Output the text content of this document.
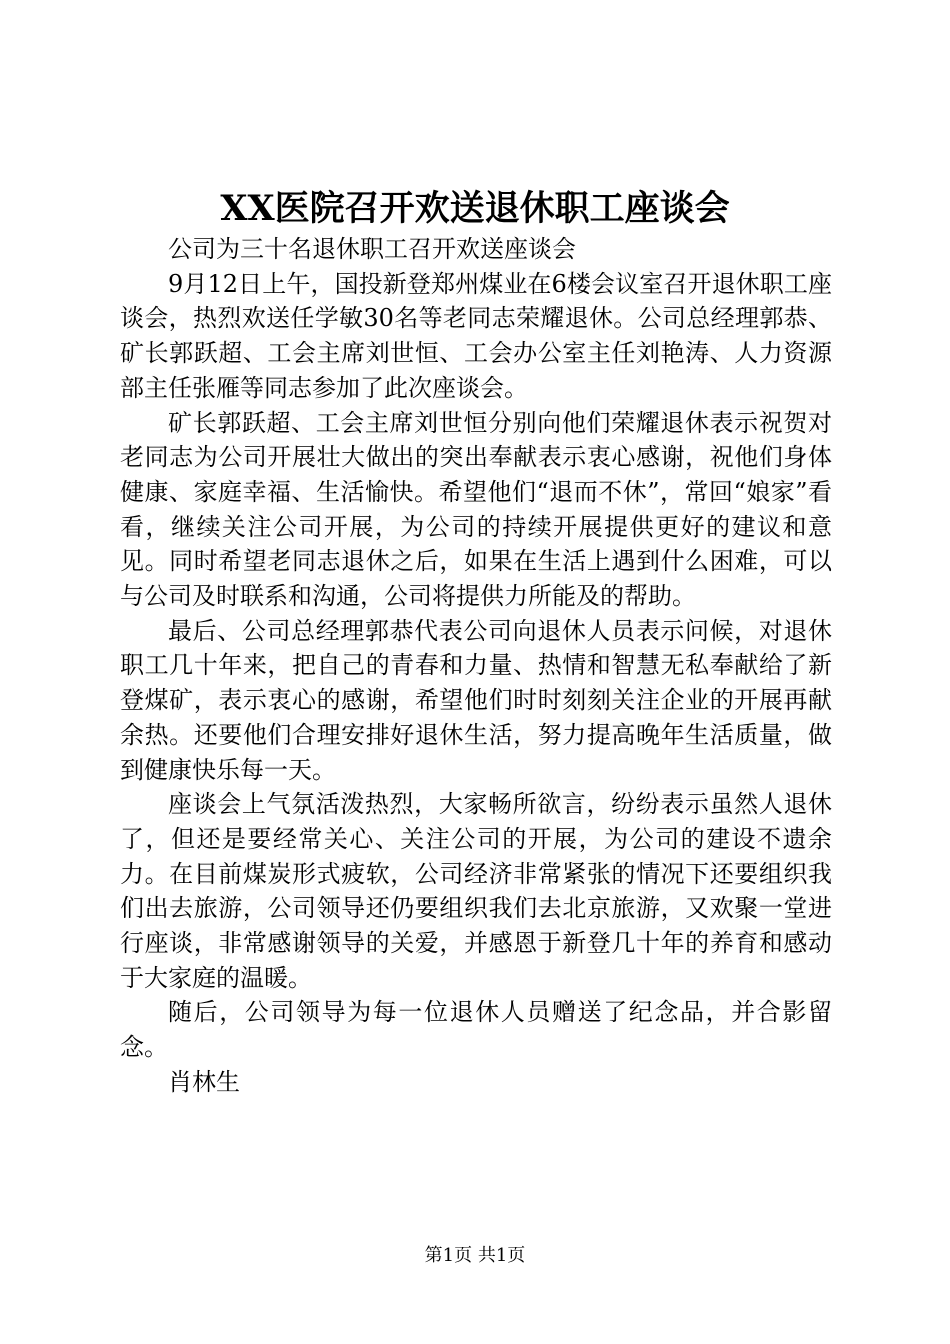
XX医院召开欢送退休职工座谈会

公司为三十名退休职工召开欢送座谈会

9月12日上午，国投新登郑州煤业在6楼会议室召开退休职工座谈会，热烈欢送任学敏30名等老同志荣耀退休。公司总经理郭恭、矿长郭跃超、工会主席刘世恒、工会办公室主任刘艳涛、人力资源部主任张雁等同志参加了此次座谈会。

矿长郭跃超、工会主席刘世恒分别向他们荣耀退休表示祝贺对老同志为公司开展壮大做出的突出奉献表示衷心感谢，祝他们身体健康、家庭幸福、生活愉快。希望他们“退而不休”，常回“娘家”看看，继续关注公司开展，为公司的持续开展提供更好的建议和意见。同时希望老同志退休之后，如果在生活上遇到什么困难，可以与公司及时联系和沟通，公司将提供力所能及的帮助。

最后、公司总经理郭恭代表公司向退休人员表示问候，对退休职工几十年来，把自己的青春和力量、热情和智慧无私奉献给了新登煤矿，表示衷心的感谢，希望他们时时刻刻关注企业的开展再献余热。还要他们合理安排好退休生活，努力提高晚年生活质量，做到健康快乐每一天。

座谈会上气氛活泼热烈，大家畅所欲言，纷纷表示虽然人退休了，但还是要经常关心、关注公司的开展，为公司的建设不遗余力。在目前煤炭形式疲软，公司经济非常紧张的情况下还要组织我们出去旅游，公司领导还仍要组织我们去北京旅游，又欢聚一堂进行座谈，非常感谢领导的关爱，并感恩于新登几十年的养育和感动于大家庭的温暖。

随后，公司领导为每一位退休人员赠送了纪念品，并合影留念。

肖林生

第1页 共1页
